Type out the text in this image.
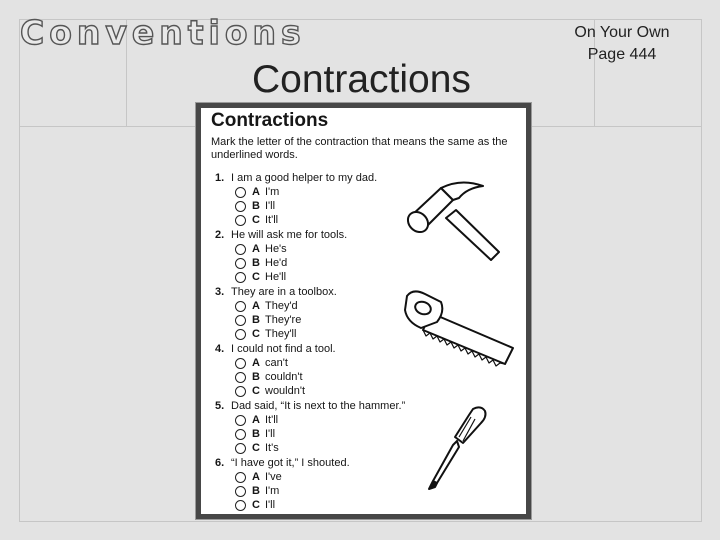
Conventions
Contractions
On Your Own
Page 444
Contractions
Mark the letter of the contraction that means the same as the underlined words.
1. I am a good helper to my dad.
A I'm
B I'll
C It'll
2. He will ask me for tools.
A He's
B He'd
C He'll
3. They are in a toolbox.
A They'd
B They're
C They'll
4. I could not find a tool.
A can't
B couldn't
C wouldn't
5. Dad said, “It is next to the hammer.”
A It'll
B I'll
C It's
6. “I have got it,” I shouted.
A I've
B I'm
C I'll
